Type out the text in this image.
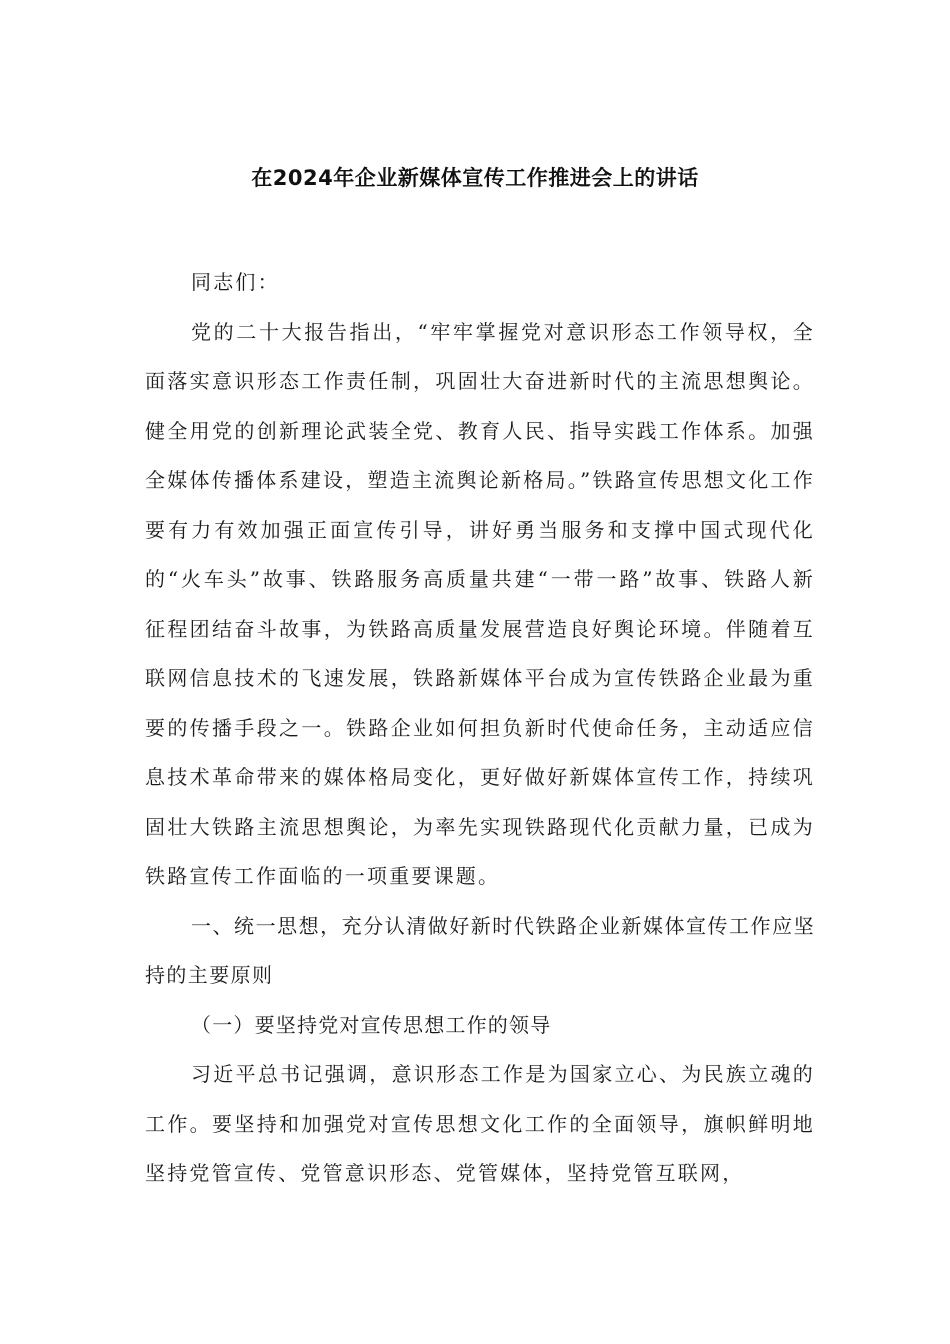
在2024年企业新媒体宣传工作推进会上的讲话

同志们：

党的二十大报告指出，“牢牢掌握党对意识形态工作领导权，全面落实意识形态工作责任制，巩固壮大奋进新时代的主流思想舆论。健全用党的创新理论武装全党、教育人民、指导实践工作体系。加强全媒体传播体系建设，塑造主流舆论新格局。”铁路宣传思想文化工作要有力有效加强正面宣传引导，讲好勇当服务和支撑中国式现代化的“火车头”故事、铁路服务高质量共建“一带一路”故事、铁路人新征程团结奋斗故事，为铁路高质量发展营造良好舆论环境。伴随着互联网信息技术的飞速发展，铁路新媒体平台成为宣传铁路企业最为重要的传播手段之一。铁路企业如何担负新时代使命任务，主动适应信息技术革命带来的媒体格局变化，更好做好新媒体宣传工作，持续巩固壮大铁路主流思想舆论，为率先实现铁路现代化贡献力量，已成为铁路宣传工作面临的一项重要课题。

一、统一思想，充分认清做好新时代铁路企业新媒体宣传工作应坚持的主要原则

（一）要坚持党对宣传思想工作的领导

习近平总书记强调，意识形态工作是为国家立心、为民族立魂的工作。要坚持和加强党对宣传思想文化工作的全面领导，旗帜鲜明地坚持党管宣传、党管意识形态、党管媒体，坚持党管互联网，
